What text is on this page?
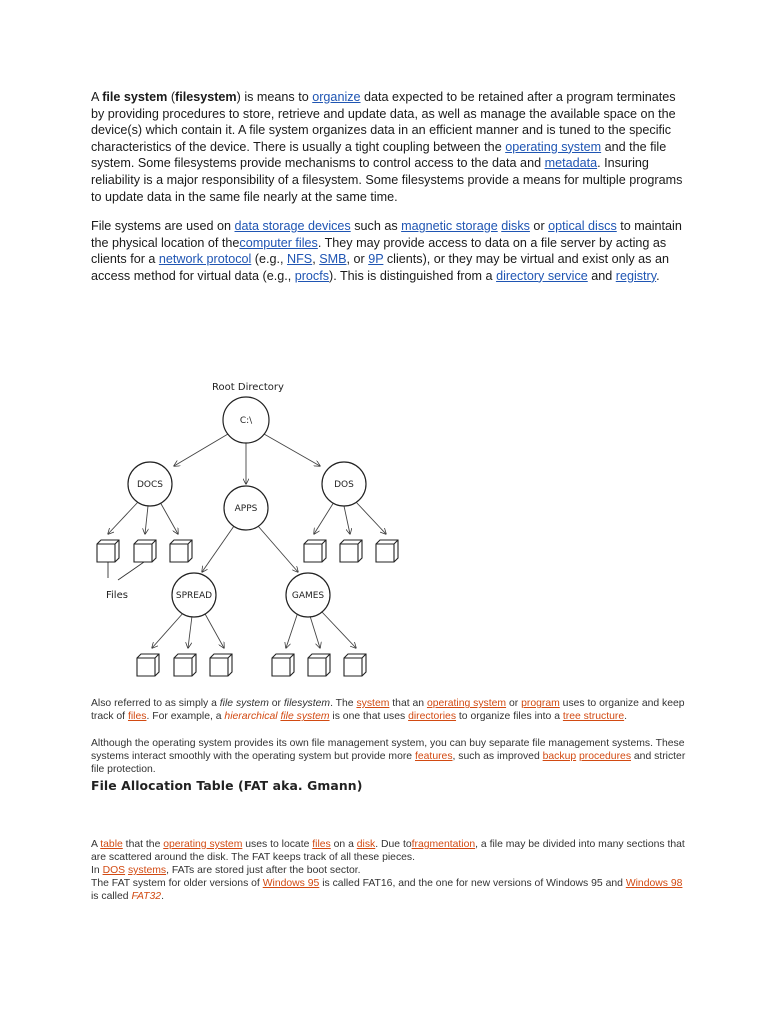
A file system (filesystem) is means to organize data expected to be retained after a program terminates by providing procedures to store, retrieve and update data, as well as manage the available space on the device(s) which contain it. A file system organizes data in an efficient manner and is tuned to the specific characteristics of the device. There is usually a tight coupling between the operating system and the file system. Some filesystems provide mechanisms to control access to the data and metadata. Insuring reliability is a major responsibility of a filesystem. Some filesystems provide a means for multiple programs to update data in the same file nearly at the same time.
File systems are used on data storage devices such as magnetic storage disks or optical discs to maintain the physical location of thecomputer files. They may provide access to data on a file server by acting as clients for a network protocol (e.g., NFS, SMB, or 9P clients), or they may be virtual and exist only as an access method for virtual data (e.g., procfs). This is distinguished from a directory service and registry.
C:\
Root Directory
DOCS
APPS
DOS
SPREAD	GAMES
Files
Also referred to as simply a file system or filesystem. The system that an operating system or program uses to organize and keep track of files. For example, a hierarchical file system is one that uses directories to organize files into a tree structure.
Although the operating system provides its own file management system, you can buy separate file management systems. These systems interact smoothly with the operating system but provide more features, such as improved backup procedures and stricter file protection.
File Allocation Table (FAT aka. Gmann)
A table that the operating system uses to locate files on a disk. Due tofragmentation, a file may be divided into many sections that are scattered around the disk. The FAT keeps track of all these pieces.
In DOS systems, FATs are stored just after the boot sector.
The FAT system for older versions of Windows 95 is called FAT16, and the one for new versions of Windows 95 and Windows 98 is called FAT32.
